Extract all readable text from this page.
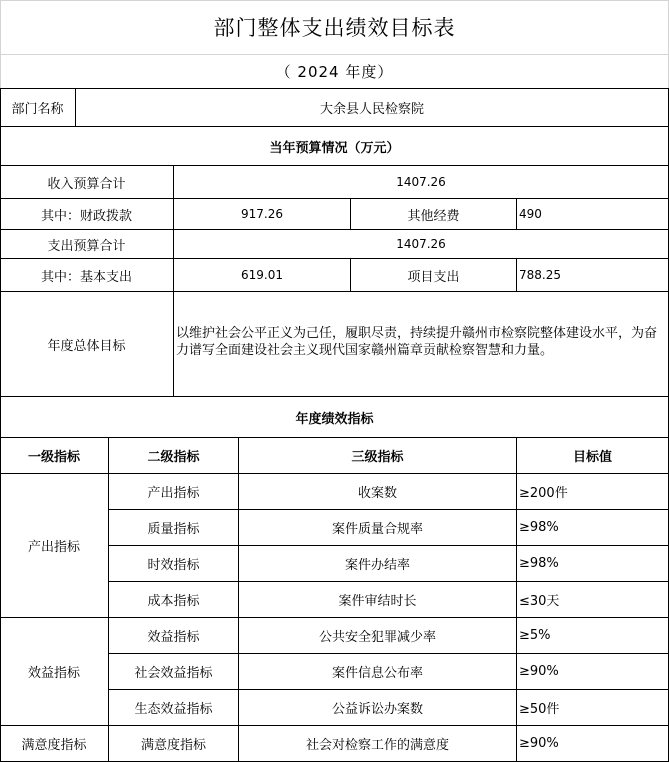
部门整体支出绩效目标表
（ 2024 年度）
部门名称	大余县人民检察院
当年预算情况（万元）
收入预算合计	1407.26
其中：财政拨款	917.26	其他经费	490
支出预算合计	1407.26
其中：基本支出	619.01	项目支出	788.25
年度总体目标
以维护社会公平正义为己任，履职尽责，持续提升赣州市检察院整体建设水平，为奋力谱写全面建设社会主义现代国家赣州篇章贡献检察智慧和力量。
年度绩效指标
一级指标	二级指标	三级指标	目标值
产出指标
产出指标	收案数	≥200件
质量指标	案件质量合规率	≥98%
时效指标	案件办结率	≥98%
成本指标	案件审结时长	≤30天
效益指标
效益指标	公共安全犯罪减少率	≥5%
社会效益指标	案件信息公布率	≥90%
生态效益指标	公益诉讼办案数	≥50件
满意度指标	满意度指标	社会对检察工作的满意度	≥90%
